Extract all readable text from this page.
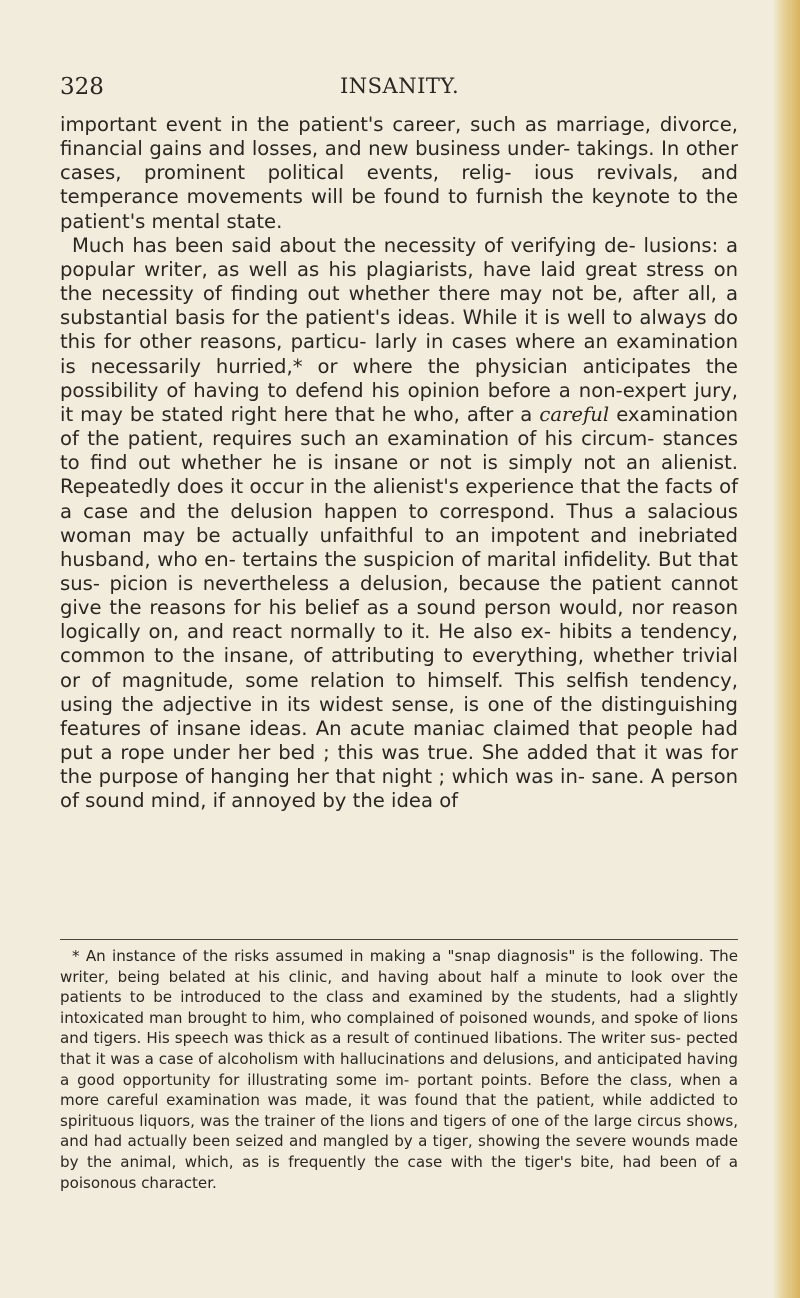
328	INSANITY.

important event in the patient's career, such as marriage, divorce, financial gains and losses, and new business under- takings. In other cases, prominent political events, relig- ious revivals, and temperance movements will be found to furnish the keynote to the patient's mental state.

Much has been said about the necessity of verifying de- lusions: a popular writer, as well as his plagiarists, have laid great stress on the necessity of finding out whether there may not be, after all, a substantial basis for the patient's ideas. While it is well to always do this for other reasons, particu- larly in cases where an examination is necessarily hurried,* or where the physician anticipates the possibility of having to defend his opinion before a non-expert jury, it may be stated right here that he who, after a careful examination of the patient, requires such an examination of his circum- stances to find out whether he is insane or not is simply not an alienist. Repeatedly does it occur in the alienist's experience that the facts of a case and the delusion happen to correspond. Thus a salacious woman may be actually unfaithful to an impotent and inebriated husband, who en- tertains the suspicion of marital infidelity. But that sus- picion is nevertheless a delusion, because the patient cannot give the reasons for his belief as a sound person would, nor reason logically on, and react normally to it. He also ex- hibits a tendency, common to the insane, of attributing to everything, whether trivial or of magnitude, some relation to himself. This selfish tendency, using the adjective in its widest sense, is one of the distinguishing features of insane ideas. An acute maniac claimed that people had put a rope under her bed ; this was true. She added that it was for the purpose of hanging her that night ; which was in- sane. A person of sound mind, if annoyed by the idea of

* An instance of the risks assumed in making a "snap diagnosis" is the following. The writer, being belated at his clinic, and having about half a minute to look over the patients to be introduced to the class and examined by the students, had a slightly intoxicated man brought to him, who complained of poisoned wounds, and spoke of lions and tigers. His speech was thick as a result of continued libations. The writer sus- pected that it was a case of alcoholism with hallucinations and delusions, and anticipated having a good opportunity for illustrating some im- portant points. Before the class, when a more careful examination was made, it was found that the patient, while addicted to spirituous liquors, was the trainer of the lions and tigers of one of the large circus shows, and had actually been seized and mangled by a tiger, showing the severe wounds made by the animal, which, as is frequently the case with the tiger's bite, had been of a poisonous character.
